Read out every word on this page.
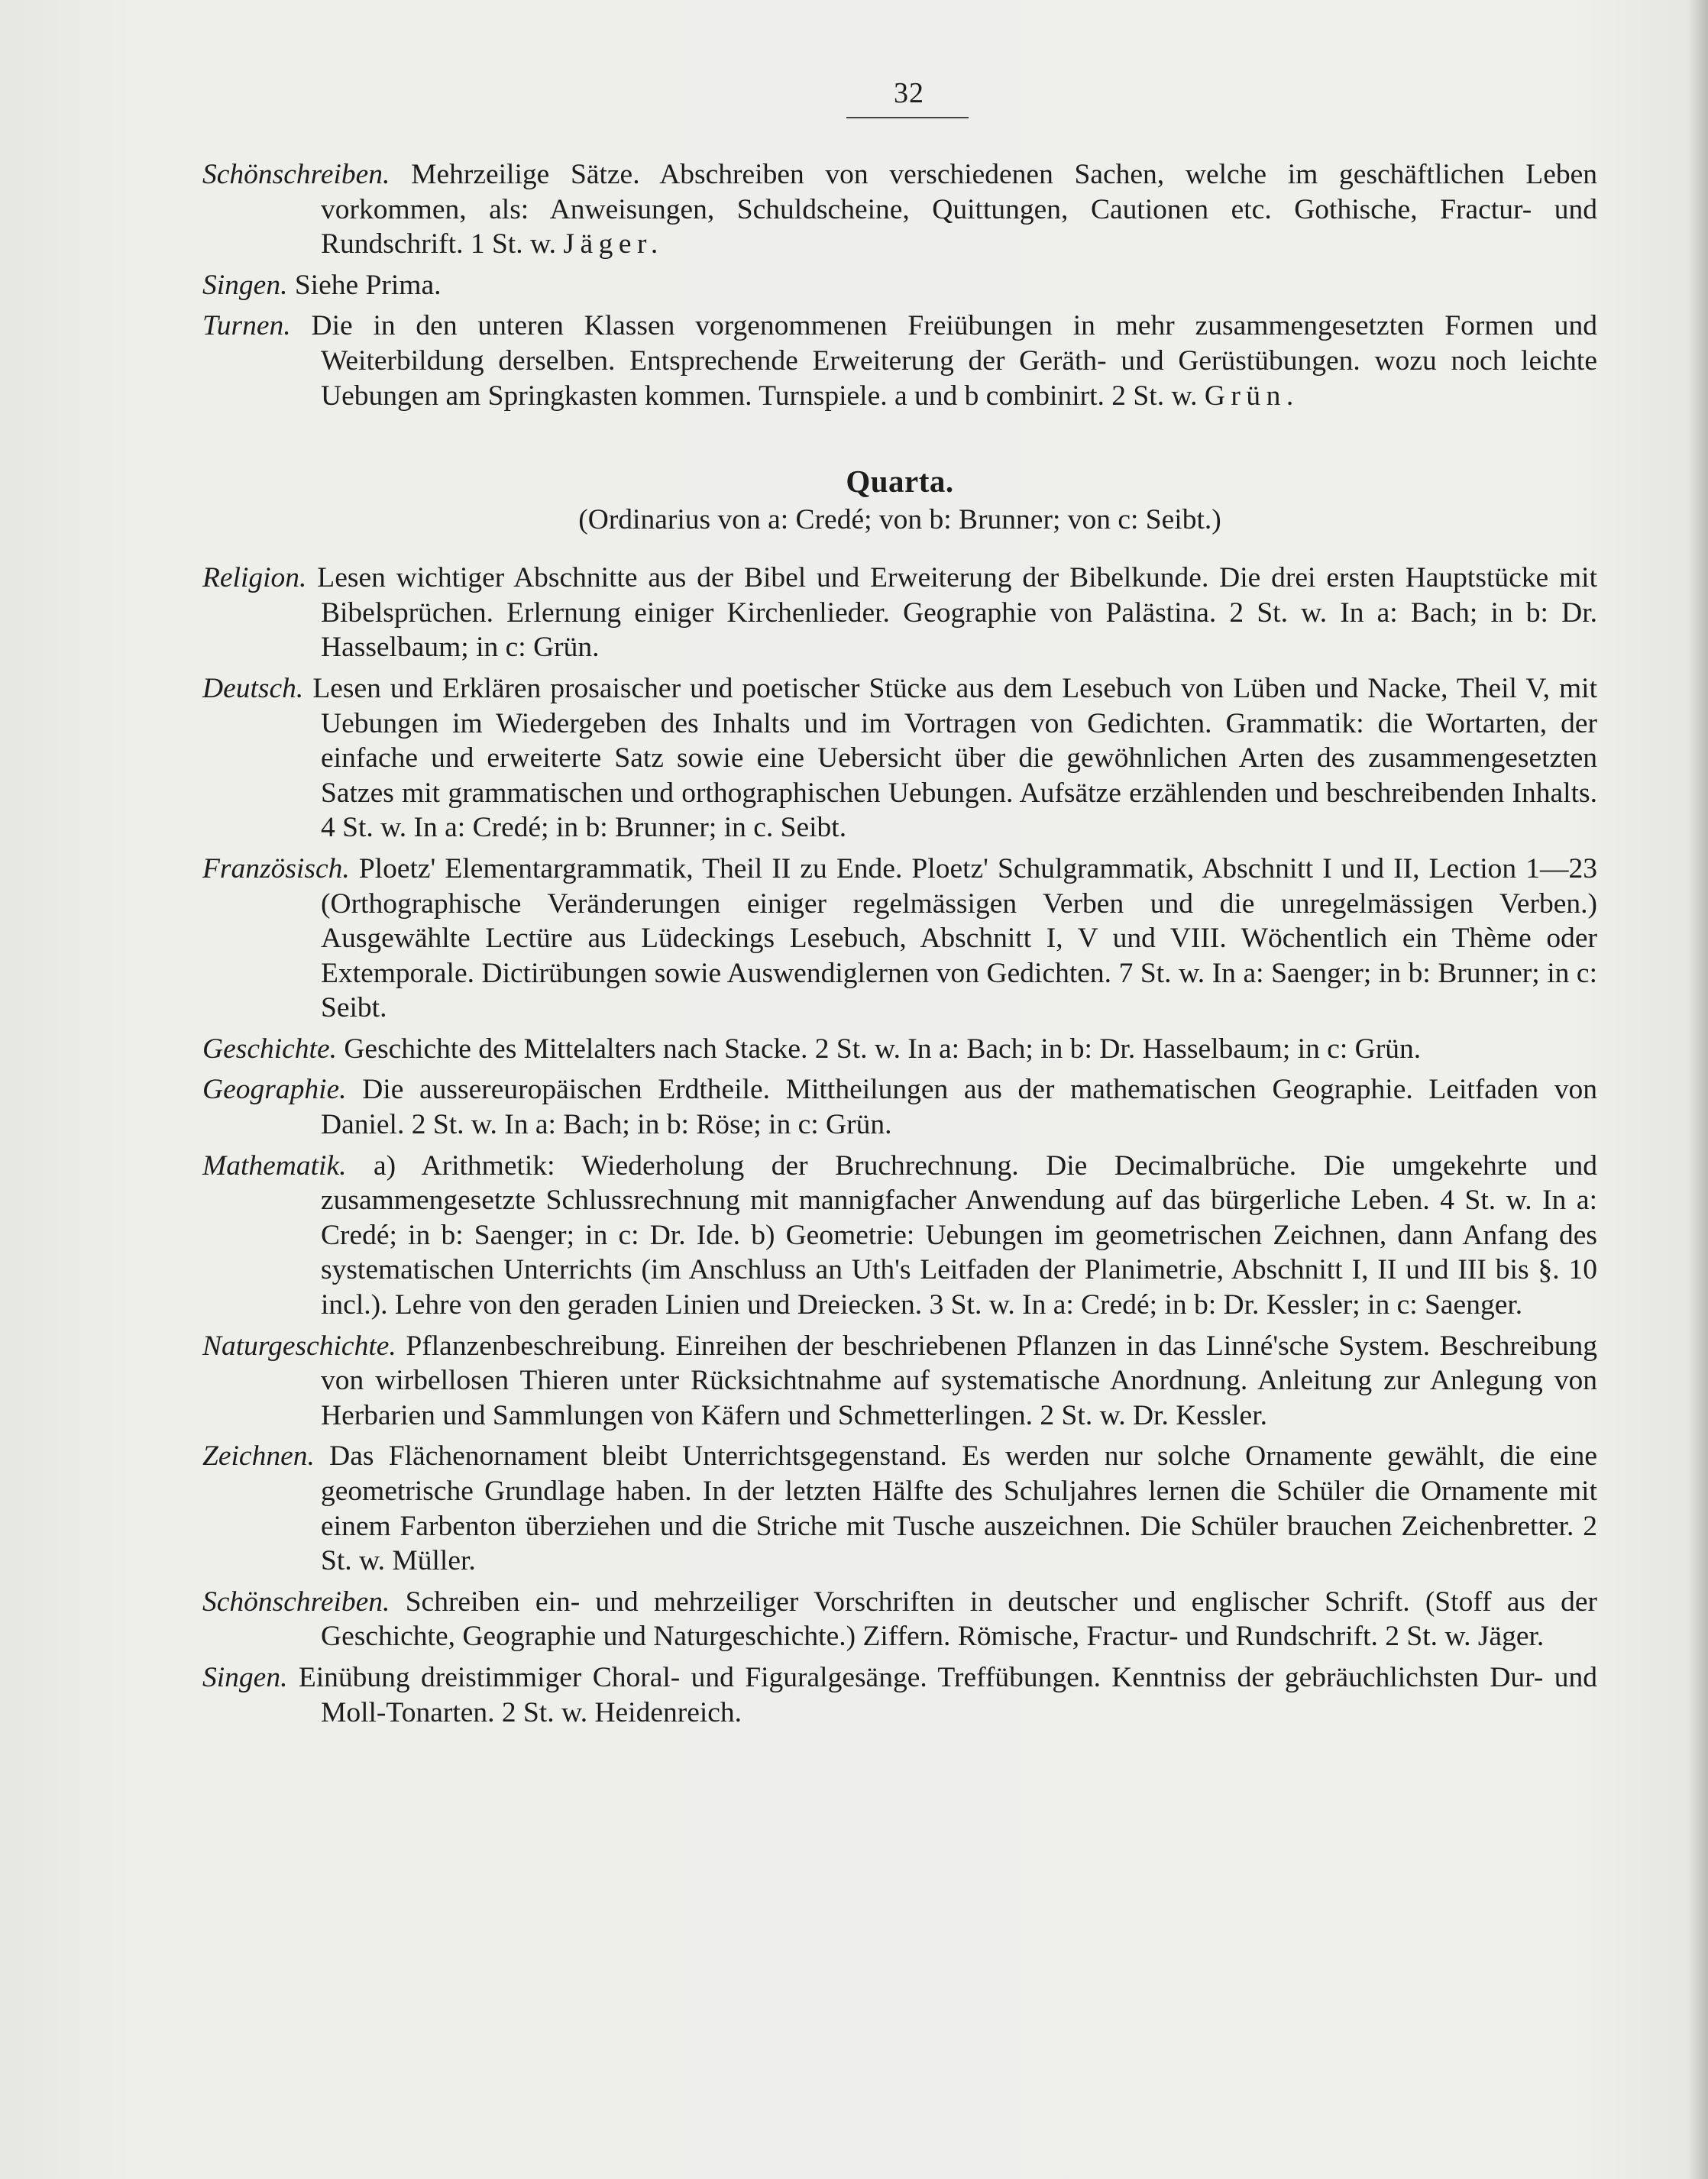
32

Schönschreiben. Mehrzeilige Sätze. Abschreiben von verschiedenen Sachen, welche im geschäftlichen Leben vorkommen, als: Anweisungen, Schuldscheine, Quittungen, Cautionen etc. Gothische, Fractur- und Rundschrift. 1 St. w. Jäger.

Singen. Siehe Prima.

Turnen. Die in den unteren Klassen vorgenommenen Freiübungen in mehr zusammengesetzten Formen und Weiterbildung derselben. Entsprechende Erweiterung der Geräth- und Gerüstübungen. wozu noch leichte Uebungen am Springkasten kommen. Turnspiele. a und b combinirt. 2 St. w. Grün.

Quarta.
(Ordinarius von a: Credé; von b: Brunner; von c: Seibt.)

Religion. Lesen wichtiger Abschnitte aus der Bibel und Erweiterung der Bibelkunde. Die drei ersten Hauptstücke mit Bibelsprüchen. Erlernung einiger Kirchenlieder. Geographie von Palästina. 2 St. w. In a: Bach; in b: Dr. Hasselbaum; in c: Grün.

Deutsch. Lesen und Erklären prosaischer und poetischer Stücke aus dem Lesebuch von Lüben und Nacke, Theil V, mit Uebungen im Wiedergeben des Inhalts und im Vortragen von Gedichten. Grammatik: die Wortarten, der einfache und erweiterte Satz sowie eine Uebersicht über die gewöhnlichen Arten des zusammengesetzten Satzes mit grammatischen und orthographischen Uebungen. Aufsätze erzählenden und beschreibenden Inhalts. 4 St. w. In a: Credé; in b: Brunner; in c. Seibt.

Französisch. Ploetz' Elementargrammatik, Theil II zu Ende. Ploetz' Schulgrammatik, Abschnitt I und II, Lection 1—23 (Orthographische Veränderungen einiger regelmässigen Verben und die unregelmässigen Verben.) Ausgewählte Lectüre aus Lüdeckings Lesebuch, Abschnitt I, V und VIII. Wöchentlich ein Thème oder Extemporale. Dictirübungen sowie Auswendiglernen von Gedichten. 7 St. w. In a: Saenger; in b: Brunner; in c: Seibt.

Geschichte. Geschichte des Mittelalters nach Stacke. 2 St. w. In a: Bach; in b: Dr. Hasselbaum; in c: Grün.

Geographie. Die aussereuropäischen Erdtheile. Mittheilungen aus der mathematischen Geographie. Leitfaden von Daniel. 2 St. w. In a: Bach; in b: Röse; in c: Grün.

Mathematik. a) Arithmetik: Wiederholung der Bruchrechnung. Die Decimalbrüche. Die umgekehrte und zusammengesetzte Schlussrechnung mit mannigfacher Anwendung auf das bürgerliche Leben. 4 St. w. In a: Credé; in b: Saenger; in c: Dr. Ide. b) Geometrie: Uebungen im geometrischen Zeichnen, dann Anfang des systematischen Unterrichts (im Anschluss an Uth's Leitfaden der Planimetrie, Abschnitt I, II und III bis §. 10 incl.). Lehre von den geraden Linien und Dreiecken. 3 St. w. In a: Credé; in b: Dr. Kessler; in c: Saenger.

Naturgeschichte. Pflanzenbeschreibung. Einreihen der beschriebenen Pflanzen in das Linné'sche System. Beschreibung von wirbellosen Thieren unter Rücksichtnahme auf systematische Anordnung. Anleitung zur Anlegung von Herbarien und Sammlungen von Käfern und Schmetterlingen. 2 St. w. Dr. Kessler.

Zeichnen. Das Flächenornament bleibt Unterrichtsgegenstand. Es werden nur solche Ornamente gewählt, die eine geometrische Grundlage haben. In der letzten Hälfte des Schuljahres lernen die Schüler die Ornamente mit einem Farbenton überziehen und die Striche mit Tusche auszeichnen. Die Schüler brauchen Zeichenbretter. 2 St. w. Müller.

Schönschreiben. Schreiben ein- und mehrzeiliger Vorschriften in deutscher und englischer Schrift. (Stoff aus der Geschichte, Geographie und Naturgeschichte.) Ziffern. Römische, Fractur- und Rundschrift. 2 St. w. Jäger.

Singen. Einübung dreistimmiger Choral- und Figuralgesänge. Treffübungen. Kenntniss der gebräuchlichsten Dur- und Moll-Tonarten. 2 St. w. Heidenreich.
